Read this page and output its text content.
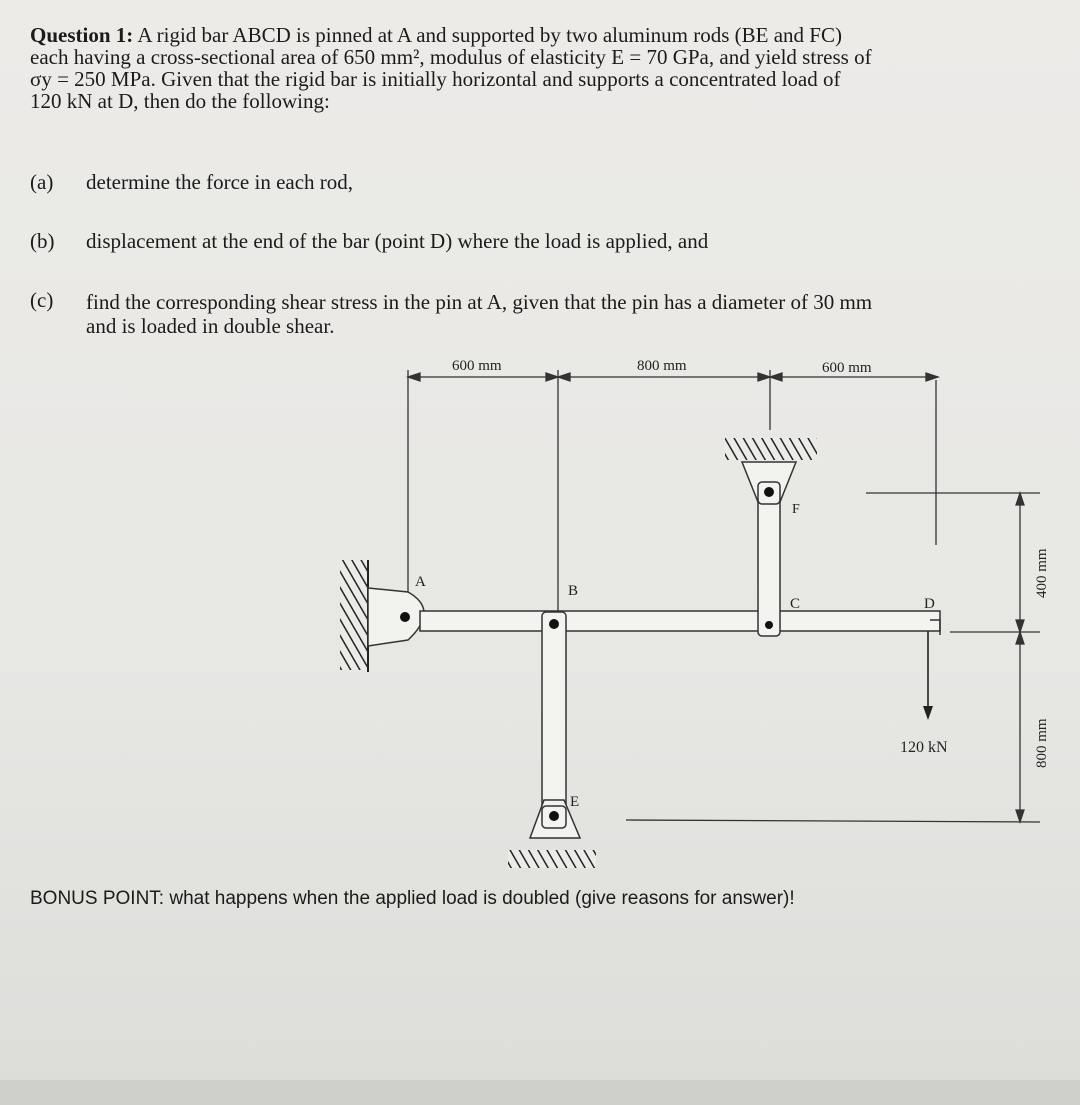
Question 1: A rigid bar ABCD is pinned at A and supported by two aluminum rods (BE and FC)
each having a cross-sectional area of 650 mm², modulus of elasticity E = 70 GPa, and yield stress of
σy = 250 MPa. Given that the rigid bar is initially horizontal and supports a concentrated load of
120 kN at D, then do the following:
(a) determine the force in each rod,
(b) displacement at the end of the bar (point D) where the load is applied, and
(c) find the corresponding shear stress in the pin at A, given that the pin has a diameter of 30 mm
and is loaded in double shear.
600 mm	800 mm	600 mm
A
F
C	D
B
E
120 kN
400 mm
800 mm
BONUS POINT: what happens when the applied load is doubled (give reasons for answer)!
